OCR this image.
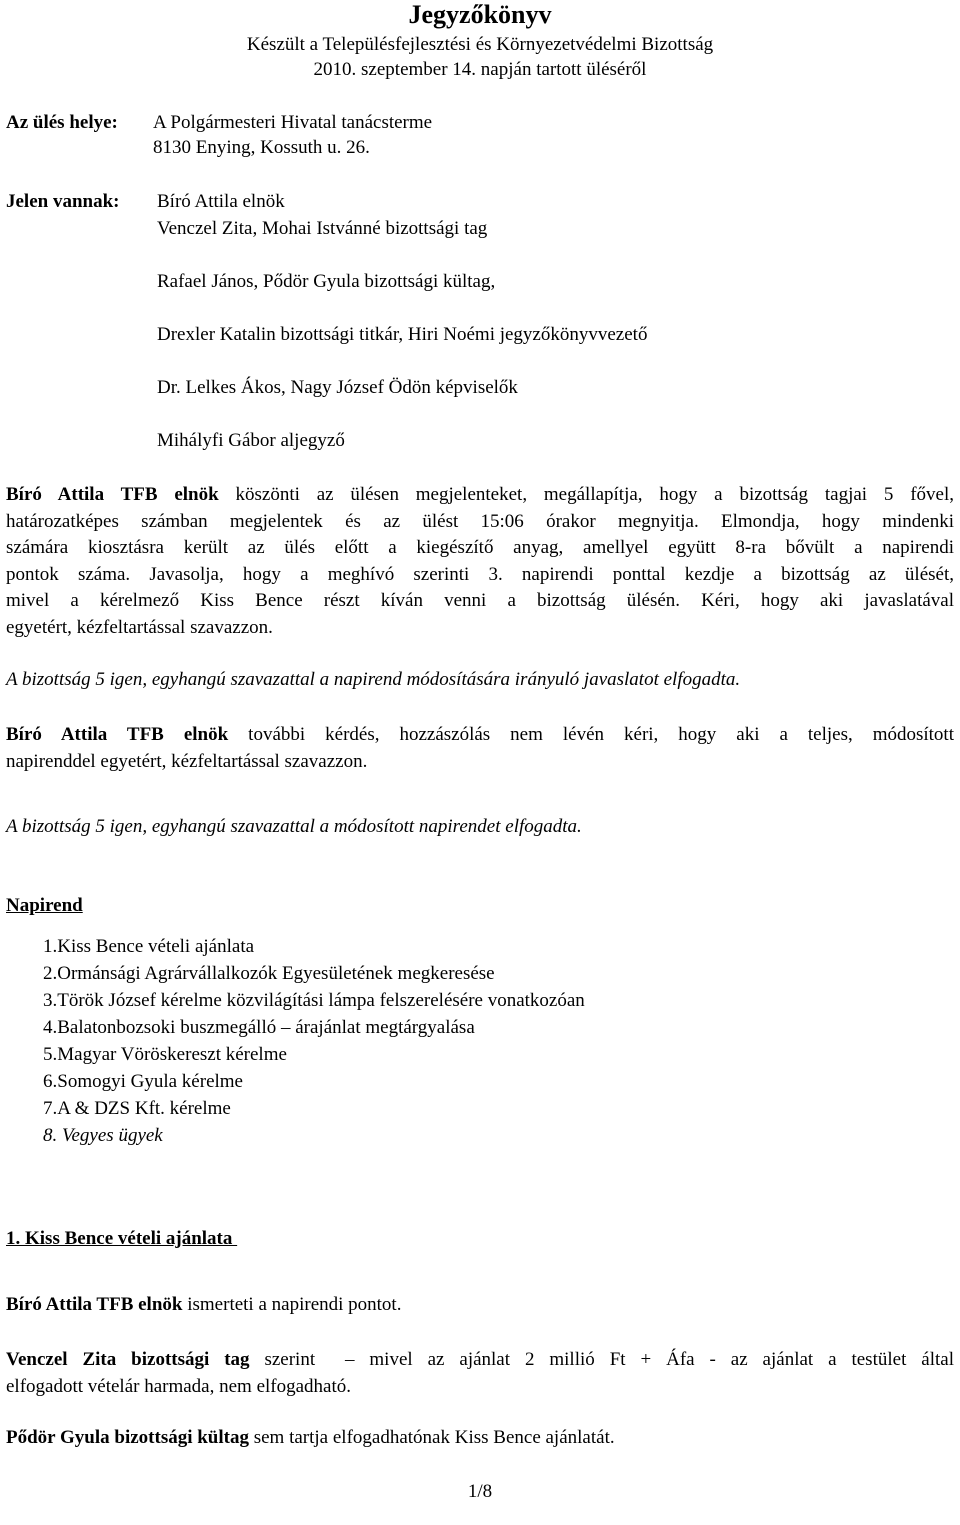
Jegyzőkönyv
Készült a Településfejlesztési és Környezetvédelmi Bizottság
2010. szeptember 14. napján tartott üléséről
Az ülés helye: A Polgármesteri Hivatal tanácsterme
8130 Enying, Kossuth u. 26.
Jelen vannak: Bíró Attila elnök
Venczel Zita, Mohai Istvánné bizottsági tag
Rafael János, Pődör Gyula bizottsági kültag,
Drexler Katalin bizottsági titkár, Hiri Noémi jegyzőkönyvvezető
Dr. Lelkes Ákos, Nagy József Ödön képviselők
Mihályfi Gábor aljegyző
Bíró Attila TFB elnök köszönti az ülésen megjelenteket, megállapítja, hogy a bizottság tagjai 5 fővel,
határozatképes számban megjelentek és az ülést 15:06 órakor megnyitja. Elmondja, hogy mindenki
számára kiosztásra került az ülés előtt a kiegészítő anyag, amellyel együtt 8-ra bővült a napirendi
pontok száma. Javasolja, hogy a meghívó szerinti 3. napirendi ponttal kezdje a bizottság az ülését,
mivel a kérelmező Kiss Bence részt kíván venni a bizottság ülésén. Kéri, hogy aki javaslatával
egyetért, kézfeltartással szavazzon.
A bizottság 5 igen, egyhangú szavazattal a napirend módosítására irányuló javaslatot elfogadta.
Bíró Attila TFB elnök további kérdés, hozzászólás nem lévén kéri, hogy aki a teljes, módosított
napirenddel egyetért, kézfeltartással szavazzon.
A bizottság 5 igen, egyhangú szavazattal a módosított napirendet elfogadta.
Napirend
1.Kiss Bence vételi ajánlata
2.Ormánsági Agrárvállalkozók Egyesületének megkeresése
3.Török József kérelme közvilágítási lámpa felszerelésére vonatkozóan
4.Balatonbozsoki buszmegálló – árajánlat megtárgyalása
5.Magyar Vöröskereszt kérelme
6.Somogyi Gyula kérelme
7.A & DZS Kft. kérelme
8. Vegyes ügyek
1. Kiss Bence vételi ajánlata
Bíró Attila TFB elnök ismerteti a napirendi pontot.
Venczel Zita bizottsági tag szerint  – mivel az ajánlat 2 millió Ft + Áfa - az ajánlat a testület által
elfogadott vételár harmada, nem elfogadható.
Pődör Gyula bizottsági kültag sem tartja elfogadhatónak Kiss Bence ajánlatát.
1/8
